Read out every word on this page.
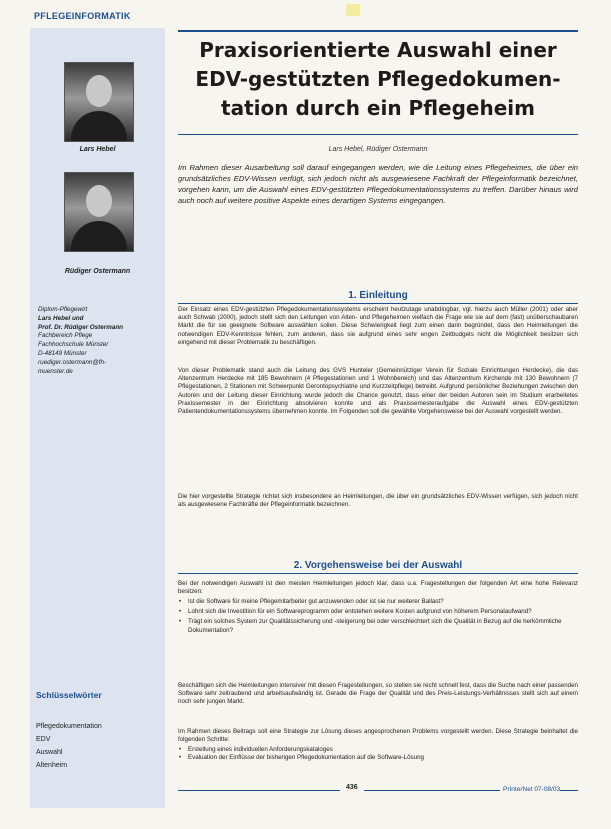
PFLEGEINFORMATIK
Lars Hebel
Rüdiger Ostermann

Diplom-Pflegewirt

Lars Hebel und

Prof. Dr. Rüdiger Ostermann

Fachbereich Pflege

Fachhochschule Münster

D-48149 Münster

ruediger.ostermann@fh-

muenster.de

Schlüsselwörter
Pflegedokumentation
EDV
Auswahl
Altenheim
Praxisorientierte Auswahl einer
EDV-gestützten Pflegedokumen-
tation durch ein Pflegeheim
Lars Hebel, Rüdiger Ostermann

Im Rahmen dieser Ausarbeitung soll darauf eingegangen werden, wie die Leitung eines Pflegeheimes, die über ein grundsätzliches EDV-Wissen verfügt, sich jedoch nicht als ausgewiesene Fachkraft der Pflegeinformatik bezeichnet, vorgehen kann, um die Auswahl eines EDV-gestützten Pflegedokumentationssystems zu treffen. Darüber hinaus wird auch noch auf weitere positive Aspekte eines derartigen Systems eingegangen.

1. Einleitung

Der Einsatz eines EDV-gestützten Pflegedokumentationssystems erscheint heutzutage unabdingbar, vgl. hierzu auch Müller (2001) oder aber auch Schwab (2000), jedoch stellt sich den Leitungen von Alten- und Pflegeheimen vielfach die Frage wie sie auf dem (fast) unüberschaubaren Markt die für sie geeignete Software auswählen sollen. Diese Schwierigkeit liegt zum einen darin begründet, dass den Heimleitungen die notwendigen EDV-Kenntnisse fehlen, zum anderen, dass sie aufgrund eines sehr engen Zeitbudgets nicht die Möglichkeit besitzen sich eingehend mit dieser Problematik zu beschäftigen.

Von dieser Problematik stand auch die Leitung des GVS Hunteler (Gemeinnütziger Verein für Soziale Einrichtungen Herdecke), die das Altenzentrum Herdecke mit 185 Bewohnern (4 Pflegestationen und 1 Wohnbereich) und das Altenzentrum Kirchende mit 130 Bewohnern (7 Pflegestationen, 2 Stationen mit Schwerpunkt Gerontopsychiatrie und Kurzzeitpflege) betreibt. Aufgrund persönlicher Beziehungen zwischen den Autoren und der Leitung dieser Einrichtung wurde jedoch die Chance genutzt, dass einer der beiden Autoren sein im Studium erarbeitetes Praxissemester in der Einrichtung absolvieren konnte und als Praxissemesteraufgabe die Auswahl eines EDV-gestützten Patientendokumentationssystems übernehmen konnte. Im Folgenden soll die gewählte Vorgehensweise bei der Auswahl vorgestellt werden.

Die hier vorgestellte Strategie richtet sich insbesondere an Heimleitungen, die über ein grundsätzliches EDV-Wissen verfügen, sich jedoch nicht als ausgewiesene Fachkräfte der Pflegeinformatik bezeichnen.

2. Vorgehensweise bei der Auswahl

Bei der notwendigen Auswahl ist den meisten Heimleitungen jedoch klar, dass u.a. Fragestellungen der folgenden Art eine hohe Relevanz besitzen:

• Ist die Software für meine Pflegemitarbeiter gut anzuwenden oder ist sie nur weiterer Ballast?
• Lohnt sich die Investition für ein Softwareprogramm oder entstehen weitere Kosten aufgrund von höherem Personalaufwand?
• Trägt ein solches System zur Qualitätssicherung und -steigerung bei oder verschlechtert sich die Qualität in Bezug auf die herkömmliche Dokumentation?

Beschäftigen sich die Heimleitungen intensiver mit diesen Fragestellungen, so stellen sie recht schnell fest, dass die Suche nach einer passenden Software sehr zeitraubend und arbeitsaufwändig ist. Gerade die Frage der Qualität und des Preis-Leistungs-Verhältnisses stellt sich auf einem noch sehr jungen Markt.

Im Rahmen dieses Beitrags soll eine Strategie zur Lösung dieses angesprochenen Problems vorgestellt werden. Diese Strategie beinhaltet die folgenden Schritte:

• Erstellung eines individuellen Anforderungskataloges
• Evaluation der Einflüsse der bisherigen Pflegedokumentation auf die Software-Lösung
436	PrInterNet 07-08/03
